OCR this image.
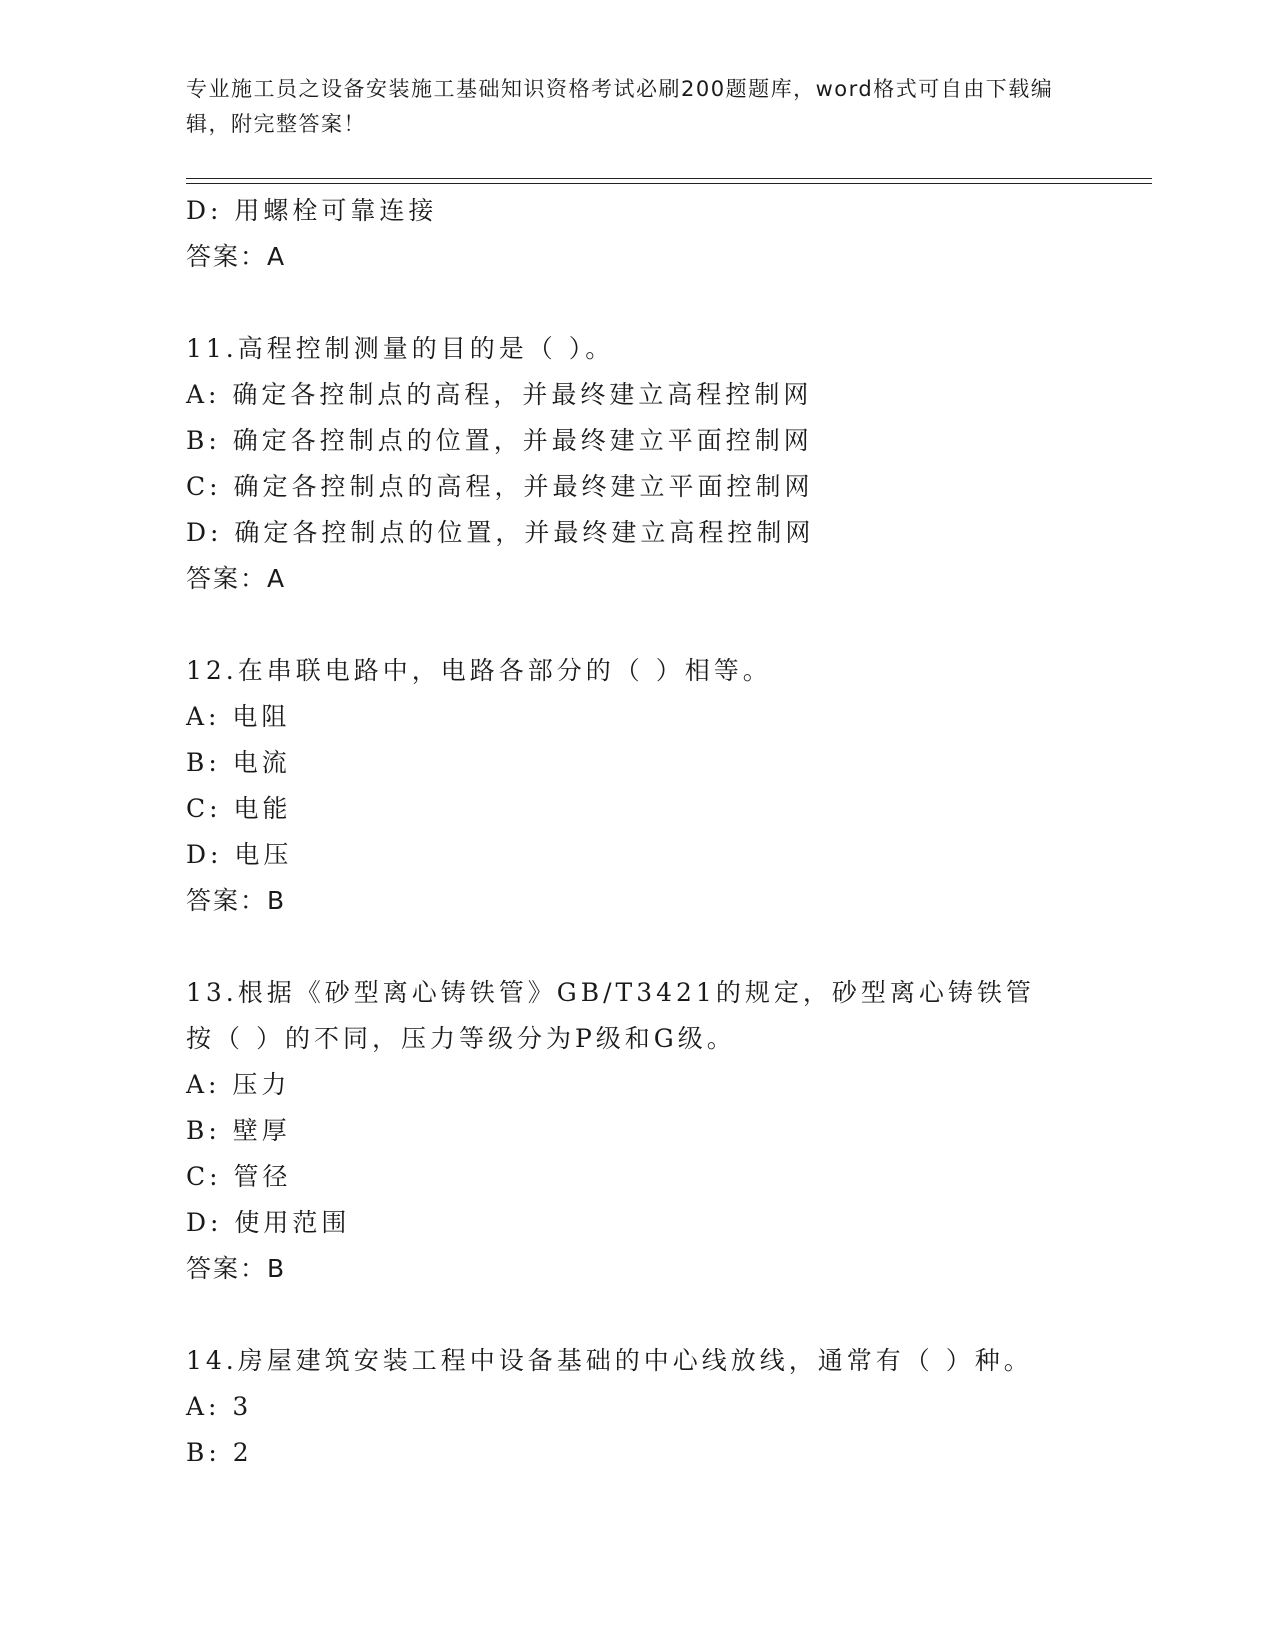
专业施工员之设备安装施工基础知识资格考试必刷200题题库，word格式可自由下载编辑，附完整答案！
D: 用螺栓可靠连接
答案：A
11.高程控制测量的目的是（ ）。
A: 确定各控制点的高程，并最终建立高程控制网
B: 确定各控制点的位置，并最终建立平面控制网
C: 确定各控制点的高程，并最终建立平面控制网
D: 确定各控制点的位置，并最终建立高程控制网
答案：A
12.在串联电路中，电路各部分的（ ）相等。
A: 电阻
B: 电流
C: 电能
D: 电压
答案：B
13.根据《砂型离心铸铁管》GB/T3421的规定，砂型离心铸铁管按（ ）的不同，压力等级分为P级和G级。
A: 压力
B: 壁厚
C: 管径
D: 使用范围
答案：B
14.房屋建筑安装工程中设备基础的中心线放线，通常有（ ）种。
A: 3
B: 2
